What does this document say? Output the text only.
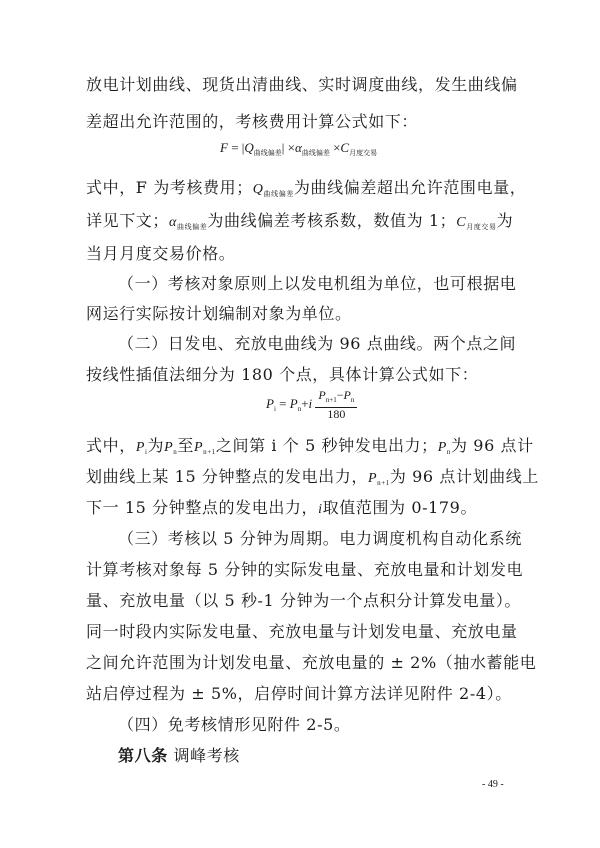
放电计划曲线、现货出清曲线、实时调度曲线，发生曲线偏
差超出允许范围的，考核费用计算公式如下：
$F = |Q_{曲线偏差}| \times\alpha_{曲线偏差} \times C_{月度交易}$
式中，F 为考核费用；$Q_{曲线偏差}$为曲线偏差超出允许范围电量，
详见下文；$\alpha_{曲线偏差}$为曲线偏差考核系数，数值为 1；$C_{月度交易}$为
当月月度交易价格。
（一）考核对象原则上以发电机组为单位，也可根据电
网运行实际按计划编制对象为单位。
（二）日发电、充放电曲线为 96 点曲线。两个点之间
按线性插值法细分为 180 个点，具体计算公式如下：
$P_i = P_n+i \frac{P_{n+1}-P_n}{180}$
式中，$P_i$为$P_n$至$P_{n+1}$之间第 i 个 5 秒钟发电出力；$P_n$为 96 点计
划曲线上某 15 分钟整点的发电出力，$P_{n+1}$为 96 点计划曲线上
下一 15 分钟整点的发电出力，i取值范围为 0-179。
（三）考核以 5 分钟为周期。电力调度机构自动化系统
计算考核对象每 5 分钟的实际发电量、充放电量和计划发电
量、充放电量（以 5 秒-1 分钟为一个点积分计算发电量）。
同一时段内实际发电量、充放电量与计划发电量、充放电量
之间允许范围为计划发电量、充放电量的 ± 2%（抽水蓄能电
站启停过程为 ± 5%，启停时间计算方法详见附件 2-4）。
（四）免考核情形见附件 2-5。
第八条 调峰考核
- 49 -
